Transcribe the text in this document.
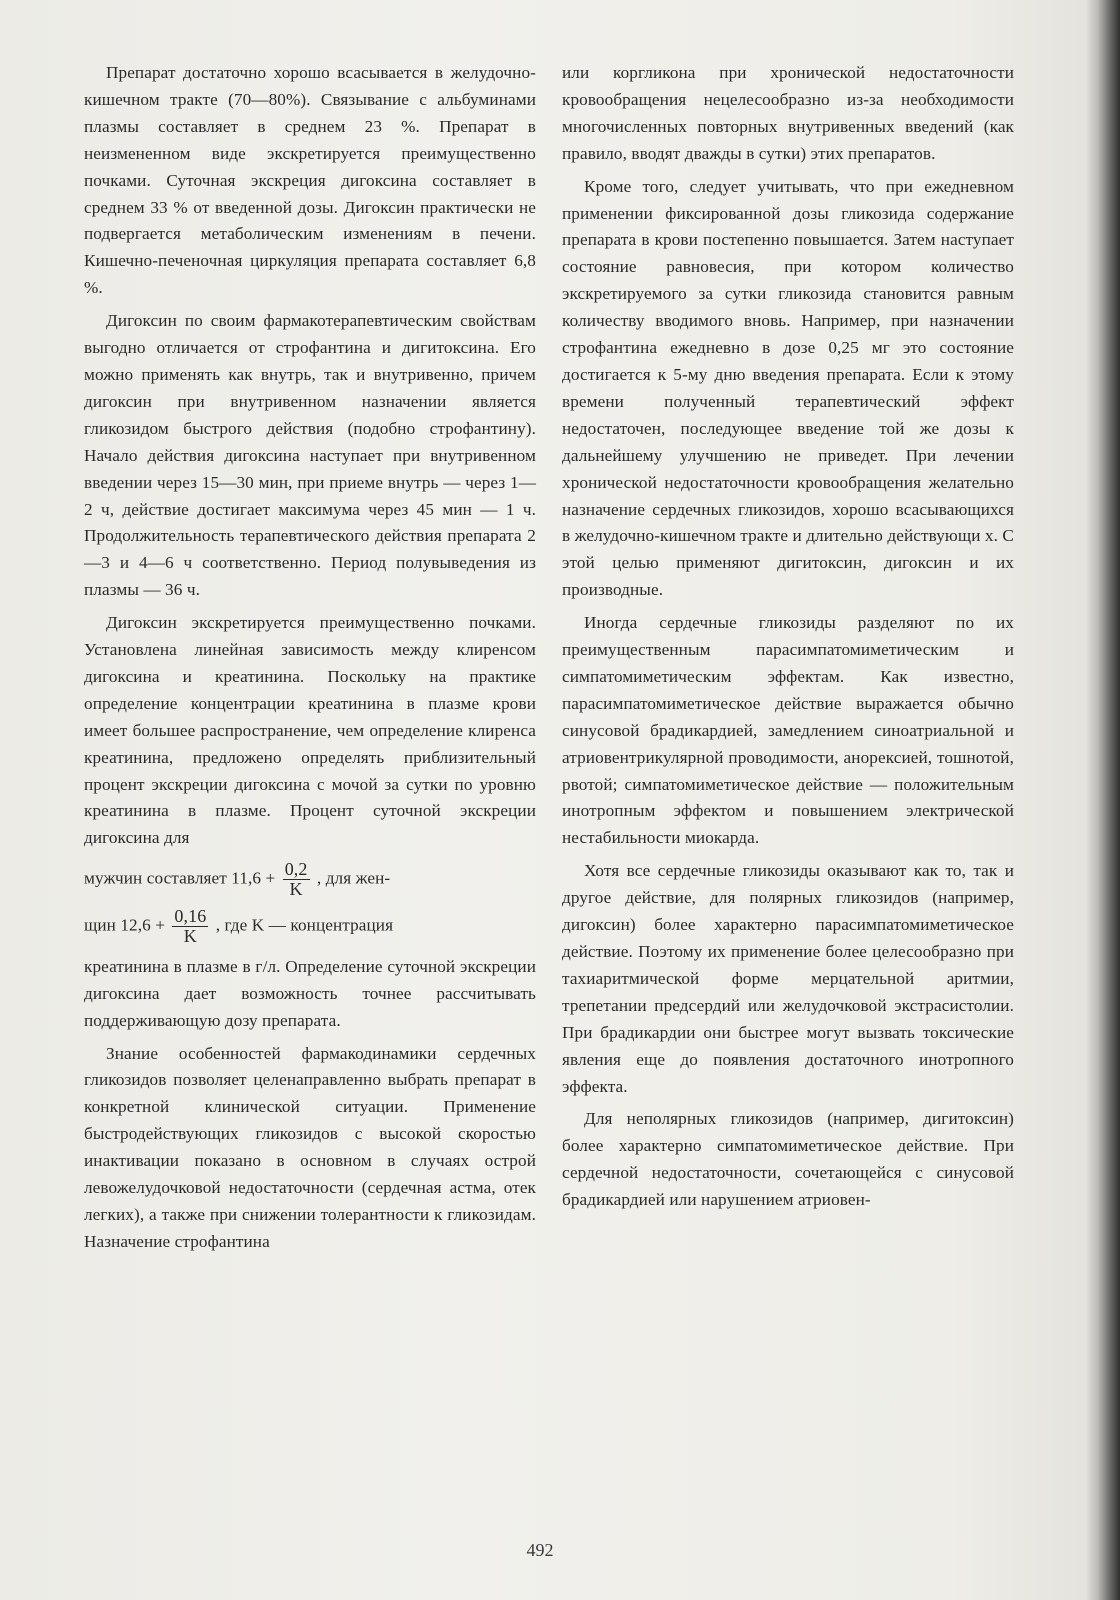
Препарат достаточно хорошо всасывается в желудочно-кишечном тракте (70—80%). Связывание с альбуминами плазмы составляет в среднем 23 %. Препарат в неизмененном виде экскретируется преимущественно почками. Суточная экскреция дигоксина составляет в среднем 33 % от введенной дозы. Дигоксин практически не подвергается метаболическим изменениям в печени. Кишечно-печеночная циркуляция препарата составляет 6,8 %.

Дигоксин по своим фармакотерапевтическим свойствам выгодно отличается от строфантина и дигитоксина. Его можно применять как внутрь, так и внутривенно, причем дигоксин при внутривенном назначении является гликозидом быстрого действия (подобно строфантину). Начало действия дигоксина наступает при внутривенном введении через 15—30 мин, при приеме внутрь — через 1—2 ч, действие достигает максимума через 45 мин — 1 ч. Продолжительность терапевтического действия препарата 2—3 и 4—6 ч соответственно. Период полувыведения из плазмы — 36 ч.

Дигоксин экскретируется преимущественно почками. Установлена линейная зависимость между клиренсом дигоксина и креатинина. Поскольку на практике определение концентрации креатинина в плазме крови имеет большее распространение, чем определение клиренса креатинина, предложено определять приблизительный процент экскреции дигоксина с мочой за сутки по уровню креатинина в плазме. Процент суточной экскреции дигоксина для

мужчин составляет $11,6 + \frac{0,2}{K}$ , для жен-
щин $12,6 + \frac{0,16}{K}$ , где K — концентрация

креатинина в плазме в г/л. Определение суточной экскреции дигоксина дает возможность точнее рассчитывать поддерживающую дозу препарата.

Знание особенностей фармакодинамики сердечных гликозидов позволяет целенаправленно выбрать препарат в конкретной клинической ситуации. Применение быстродействующих гликозидов с высокой скоростью инактивации показано в основном в случаях острой левожелудочковой недостаточности (сердечная астма, отек легких), а также при снижении толерантности к гликозидам. Назначение строфантина

или коргликона при хронической недостаточности кровообращения нецелесообразно из-за необходимости многочисленных повторных внутривенных введений (как правило, вводят дважды в сутки) этих препаратов.

Кроме того, следует учитывать, что при ежедневном применении фиксированной дозы гликозида содержание препарата в крови постепенно повышается. Затем наступает состояние равновесия, при котором количество экскретируемого за сутки гликозида становится равным количеству вводимого вновь. Например, при назначении строфантина ежедневно в дозе 0,25 мг это состояние достигается к 5-му дню введения препарата. Если к этому времени полученный терапевтический эффект недостаточен, последующее введение той же дозы к дальнейшему улучшению не приведет. При лечении хронической недостаточности кровообращения желательно назначение сердечных гликозидов, хорошо всасывающихся в желудочно-кишечном тракте и длительно действующи х. С этой целью применяют дигитоксин, дигоксин и их производные.

Иногда сердечные гликозиды разделяют по их преимущественным парасимпатомиметическим и симпатомиметическим эффектам. Как известно, парасимпатомиметическое действие выражается обычно синусовой брадикардией, замедлением синоатриальной и атриовентрикулярной проводимости, анорексией, тошнотой, рвотой; симпатомиметическое действие — положительным инотропным эффектом и повышением электрической нестабильности миокарда.

Хотя все сердечные гликозиды оказывают как то, так и другое действие, для полярных гликозидов (например, дигоксин) более характерно парасимпатомиметическое действие. Поэтому их применение более целесообразно при тахиаритмической форме мерцательной аритмии, трепетании предсердий или желудочковой экстрасистолии. При брадикардии они быстрее могут вызвать токсические явления еще до появления достаточного инотропного эффекта.

Для неполярных гликозидов (например, дигитоксин) более характерно симпатомиметическое действие. При сердечной недостаточности, сочетающейся с синусовой брадикардией или нарушением атриовен-

492
